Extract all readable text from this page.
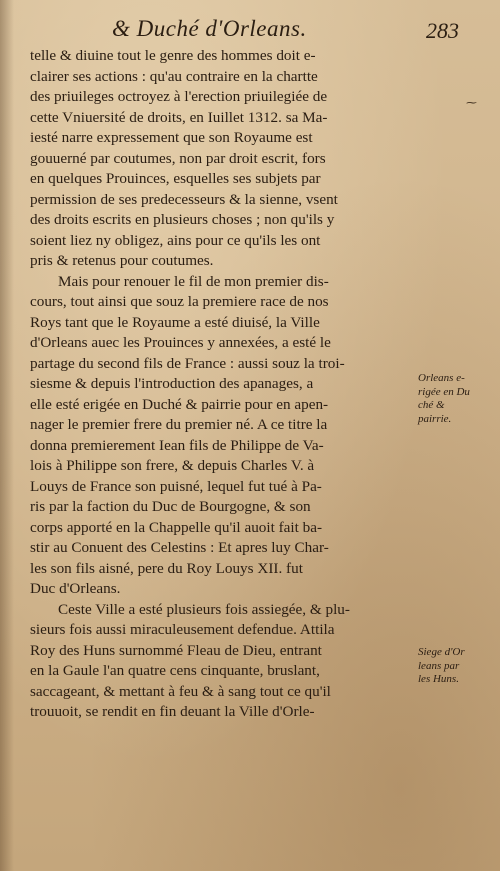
& Duché d'Orleans.	283
telle & diuine tout le genre des hommes doit e-
clairer ses actions : qu'au contraire en la chartte
des priuileges octroyez à l'erection priuilegiée de
cette Vniuersité de droits, en Iuillet 1312. sa Ma-
iesté narre expressement que son Royaume est
gouuerné par coutumes, non par droit escrit, fors
en quelques Prouinces, esquelles ses subjets par
permission de ses predecesseurs & la sienne, vsent
des droits escrits en plusieurs choses ; non qu'ils y
soient liez ny obligez, ains pour ce qu'ils les ont
pris & retenus pour coutumes.
Mais pour renouer le fil de mon premier dis-
cours, tout ainsi que souz la premiere race de nos
Roys tant que le Royaume a esté diuisé, la Ville
d'Orleans auec les Prouinces y annexées, a esté le
partage du second fils de France : aussi souz la troi-
siesme & depuis l'introduction des apanages, a
elle esté erigée en Duché & pairrie pour en apen-
nager le premier frere du premier né. A ce titre la
donna premierement Iean fils de Philippe de Va-
lois à Philippe son frere, & depuis Charles V. à
Louys de France son puisné, lequel fut tué à Pa-
ris par la faction du Duc de Bourgogne, & son
corps apporté en la Chappelle qu'il auoit fait ba-
stir au Conuent des Celestins : Et apres luy Char-
les son fils aisné, pere du Roy Louys XII. fut
Duc d'Orleans.
Ceste Ville a esté plusieurs fois assiegée, & plu-
sieurs fois aussi miraculeusement defendue. Attila
Roy des Huns surnommé Fleau de Dieu, entrant
en la Gaule l'an quatre cens cinquante, bruslant,
saccageant, & mettant à feu & à sang tout ce qu'il
trouuoit, se rendit en fin deuant la Ville d'Orle-
⁓
Orleans e-
rigée en Du
ché &
pairrie.
Siege d'Or
leans par
les Huns.
